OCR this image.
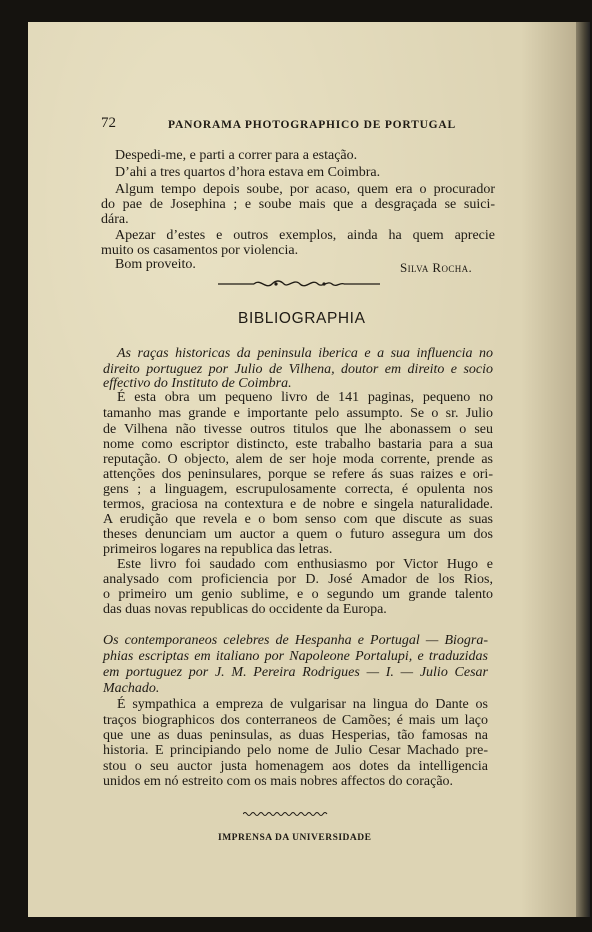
72	PANORAMA PHOTOGRAPHICO DE PORTUGAL
Despedi-me, e parti a correr para a estação.
D’ahi a tres quartos d’hora estava em Coimbra.
Algum tempo depois soube, por acaso, quem era o procurador
do pae de Josephina ; e soube mais que a desgraçada se suici-
dára.
Apezar d’estes e outros exemplos, ainda ha quem aprecie
muito os casamentos por violencia.
Bom proveito.
As raças historicas da peninsula iberica e a sua influencia no
direito portuguez por Julio de Vilhena, doutor em direito e socio
effectivo do Instituto de Coimbra.
É esta obra um pequeno livro de 141 paginas, pequeno no
tamanho mas grande e importante pelo assumpto. Se o sr. Julio
de Vilhena não tivesse outros titulos que lhe abonassem o seu
nome como escriptor distincto, este trabalho bastaria para a sua
reputação. O objecto, alem de ser hoje moda corrente, prende as
attenções dos peninsulares, porque se refere ás suas raizes e ori-
gens ; a linguagem, escrupulosamente correcta, é opulenta nos
termos, graciosa na contextura e de nobre e singela naturalidade.
A erudição que revela e o bom senso com que discute as suas
theses denunciam um auctor a quem o futuro assegura um dos
primeiros logares na republica das letras.
Este livro foi saudado com enthusiasmo por Victor Hugo e
analysado com proficiencia por D. José Amador de los Rios,
o primeiro um genio sublime, e o segundo um grande talento
das duas novas republicas do occidente da Europa.
Os contemporaneos celebres de Hespanha e Portugal — Biogra-
phias escriptas em italiano por Napoleone Portalupi, e traduzidas
em portuguez por J. M. Pereira Rodrigues — I. — Julio Cesar
Machado.
É sympathica a empreza de vulgarisar na lingua do Dante os
traços biographicos dos conterraneos de Camões; é mais um laço
que une as duas peninsulas, as duas Hesperias, tão famosas na
historia. E principiando pelo nome de Julio Cesar Machado pre-
stou o seu auctor justa homenagem aos dotes da intelligencia
unidos em nó estreito com os mais nobres affectos do coração.
Silva Rocha.
BIBLIOGRAPHIA
IMPRENSA DA UNIVERSIDADE
